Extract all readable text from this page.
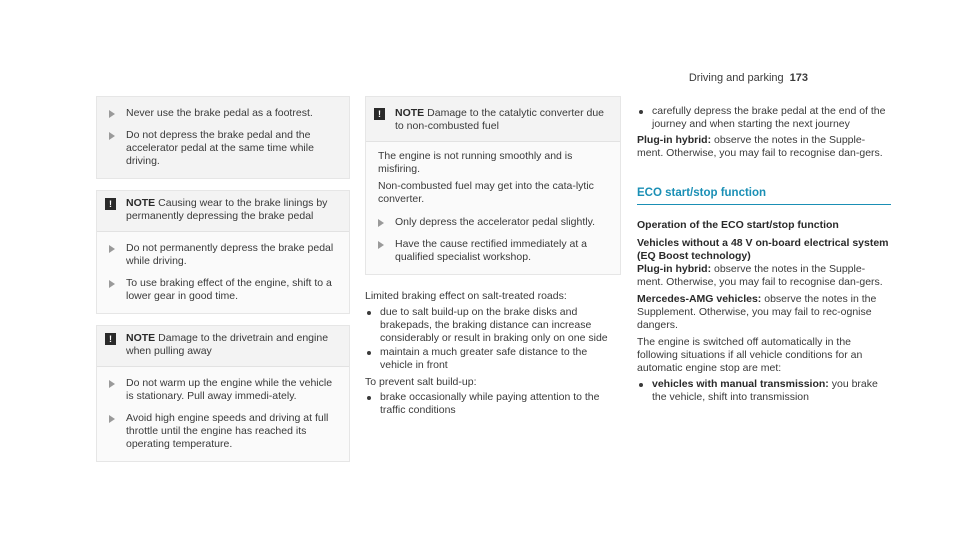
Driving and parking 173
Never use the brake pedal as a footrest.
Do not depress the brake pedal and the accelerator pedal at the same time while driving.
!	NOTE Causing wear to the brake linings by permanently depressing the brake pedal
Do not permanently depress the brake pedal while driving.
To use braking effect of the engine, shift to a lower gear in good time.
!	NOTE Damage to the drivetrain and engine when pulling away
Do not warm up the engine while the vehicle is stationary. Pull away immedi-ately.
Avoid high engine speeds and driving at full throttle until the engine has reached its operating temperature.
!	NOTE Damage to the catalytic converter due to non-combusted fuel
The engine is not running smoothly and is misfiring.
Non-combusted fuel may get into the cata-lytic converter.
Only depress the accelerator pedal slightly.
Have the cause rectified immediately at a qualified specialist workshop.
Limited braking effect on salt-treated roads:
due to salt build-up on the brake disks and brakepads, the braking distance can increase considerably or result in braking only on one side
maintain a much greater safe distance to the vehicle in front
To prevent salt build-up:
brake occasionally while paying attention to the traffic conditions
carefully depress the brake pedal at the end of the journey and when starting the next journey
Plug-in hybrid: observe the notes in the Supple-ment. Otherwise, you may fail to recognise dan-gers.
ECO start/stop function
Operation of the ECO start/stop function
Vehicles without a 48 V on-board electrical system (EQ Boost technology)
Plug-in hybrid: observe the notes in the Supple-ment. Otherwise, you may fail to recognise dan-gers.
Mercedes-AMG vehicles: observe the notes in the Supplement. Otherwise, you may fail to rec-ognise dangers.
The engine is switched off automatically in the following situations if all vehicle conditions for an automatic engine stop are met:
vehicles with manual transmission: you brake the vehicle, shift into transmission
